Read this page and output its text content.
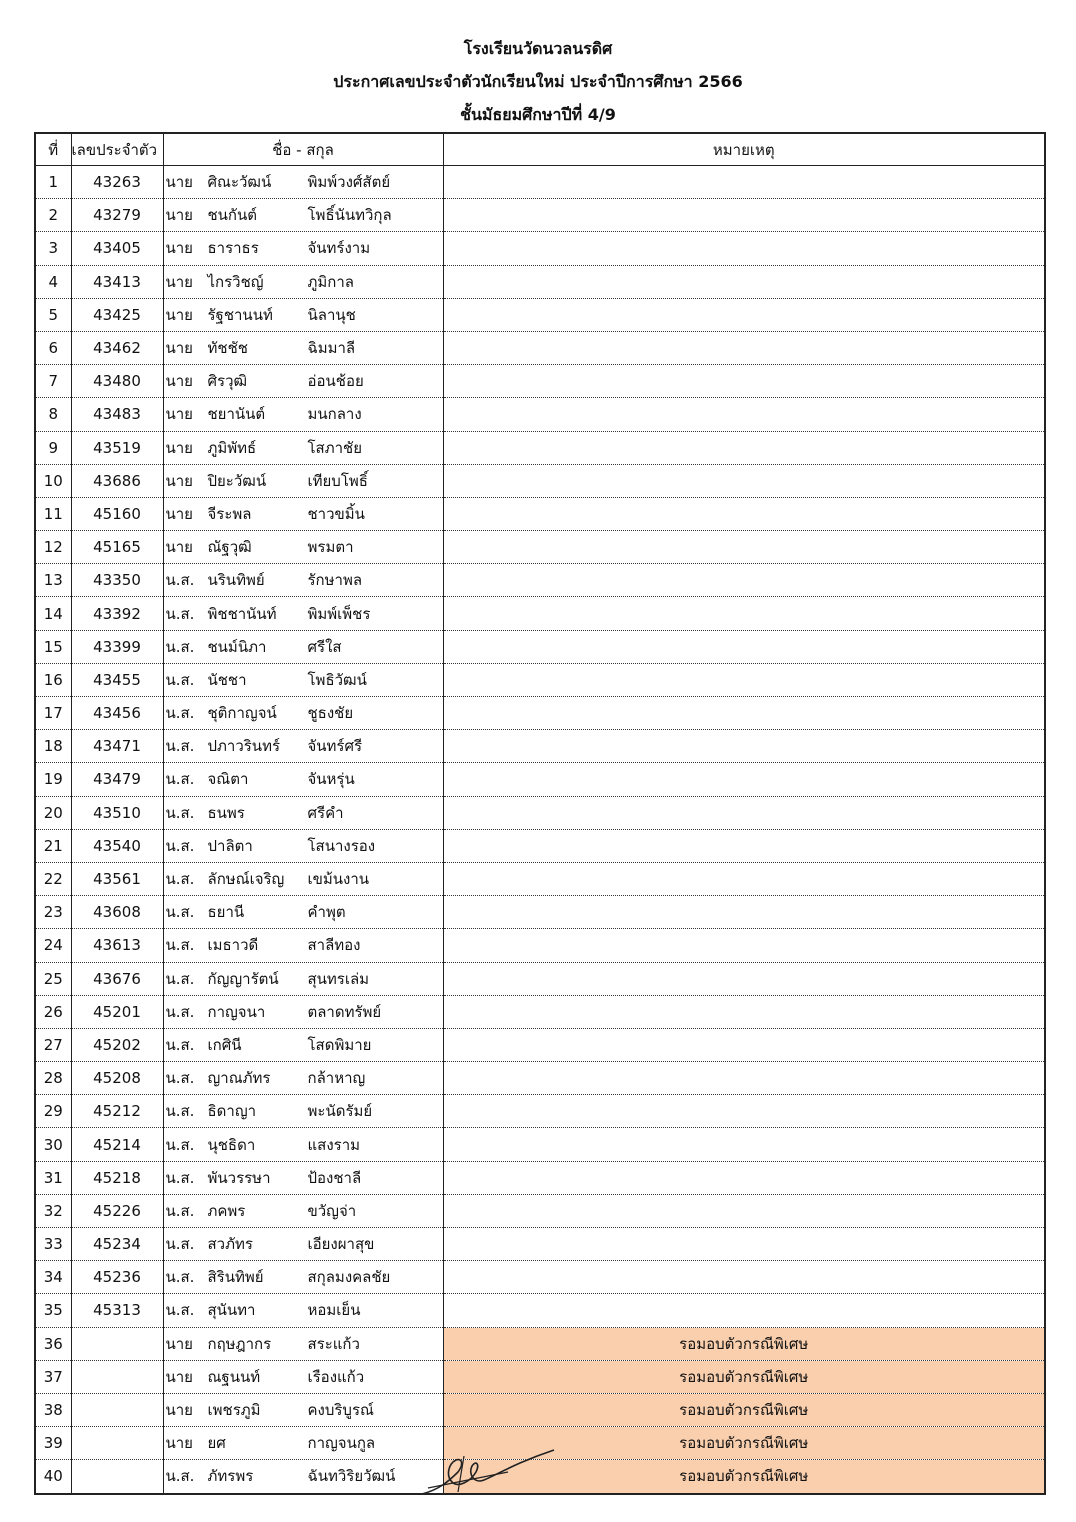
โรงเรียนวัดนวลนรดิศ
ประกาศเลขประจำตัวนักเรียนใหม่ ประจำปีการศึกษา 2566
ชั้นมัธยมศึกษาปีที่ 4/9
ที่	เลขประจำตัว	ชื่อ - สกุล	หมายเหตุ
1	43263	นาย ศิณะวัฒน์ พิมพ์วงศ์สัตย์	
2	43279	นาย ชนกันต์ โพธิ์นันทวิกุล	
3	43405	นาย ธาราธร จันทร์งาม	
4	43413	นาย ไกรวิชญ์ ภูมิกาล	
5	43425	นาย รัฐชานนท์ นิลานุช	
6	43462	นาย ทัชชัช ฉิมมาลี	
7	43480	นาย ศิรวุฒิ อ่อนช้อย	
8	43483	นาย ชยานันต์ มนกลาง	
9	43519	นาย ภูมิพัทธ์ โสภาชัย	
10	43686	นาย ปิยะวัฒน์ เทียบโพธิ์	
11	45160	นาย จีระพล ชาวขมิ้น	
12	45165	นาย ณัฐวุฒิ พรมตา	
13	43350	น.ส. นรินทิพย์ รักษาพล	
14	43392	น.ส. พิชชานันท์ พิมพ์เพ็ชร	
15	43399	น.ส. ชนม์นิภา ศรีใส	
16	43455	น.ส. นัชชา โพธิวัฒน์	
17	43456	น.ส. ชุติกาญจน์ ชูธงชัย	
18	43471	น.ส. ปภาวรินทร์ จันทร์ศรี	
19	43479	น.ส. จณิตา จันหรุ่น	
20	43510	น.ส. ธนพร ศรีคำ	
21	43540	น.ส. ปาลิตา โสนางรอง	
22	43561	น.ส. ลักษณ์เจริญ เขม้นงาน	
23	43608	น.ส. ธยานี คำพุต	
24	43613	น.ส. เมธาวดี สาลีทอง	
25	43676	น.ส. กัญญารัตน์ สุนทรเล่ม	
26	45201	น.ส. กาญจนา ตลาดทรัพย์	
27	45202	น.ส. เกศินี โสดพิมาย	
28	45208	น.ส. ญาณภัทร กล้าหาญ	
29	45212	น.ส. ธิดาญา พะนัดรัมย์	
30	45214	น.ส. นุชธิดา แสงราม	
31	45218	น.ส. พันวรรษา ป้องชาลี	
32	45226	น.ส. ภคพร ขวัญจ่า	
33	45234	น.ส. สวภัทร เอียงผาสุข	
34	45236	น.ส. สิรินทิพย์ สกุลมงคลชัย	
35	45313	น.ส. สุนันทา หอมเย็น	
36		นาย กฤษฎากร สระแก้ว	รอมอบตัวกรณีพิเศษ
37		นาย ณฐนนท์ เรืองแก้ว	รอมอบตัวกรณีพิเศษ
38		นาย เพชรภูมิ คงบริบูรณ์	รอมอบตัวกรณีพิเศษ
39		นาย ยศ กาญจนกูล	รอมอบตัวกรณีพิเศษ
40		น.ส. ภัทรพร ฉันทวิริยวัฒน์	รอมอบตัวกรณีพิเศษ
